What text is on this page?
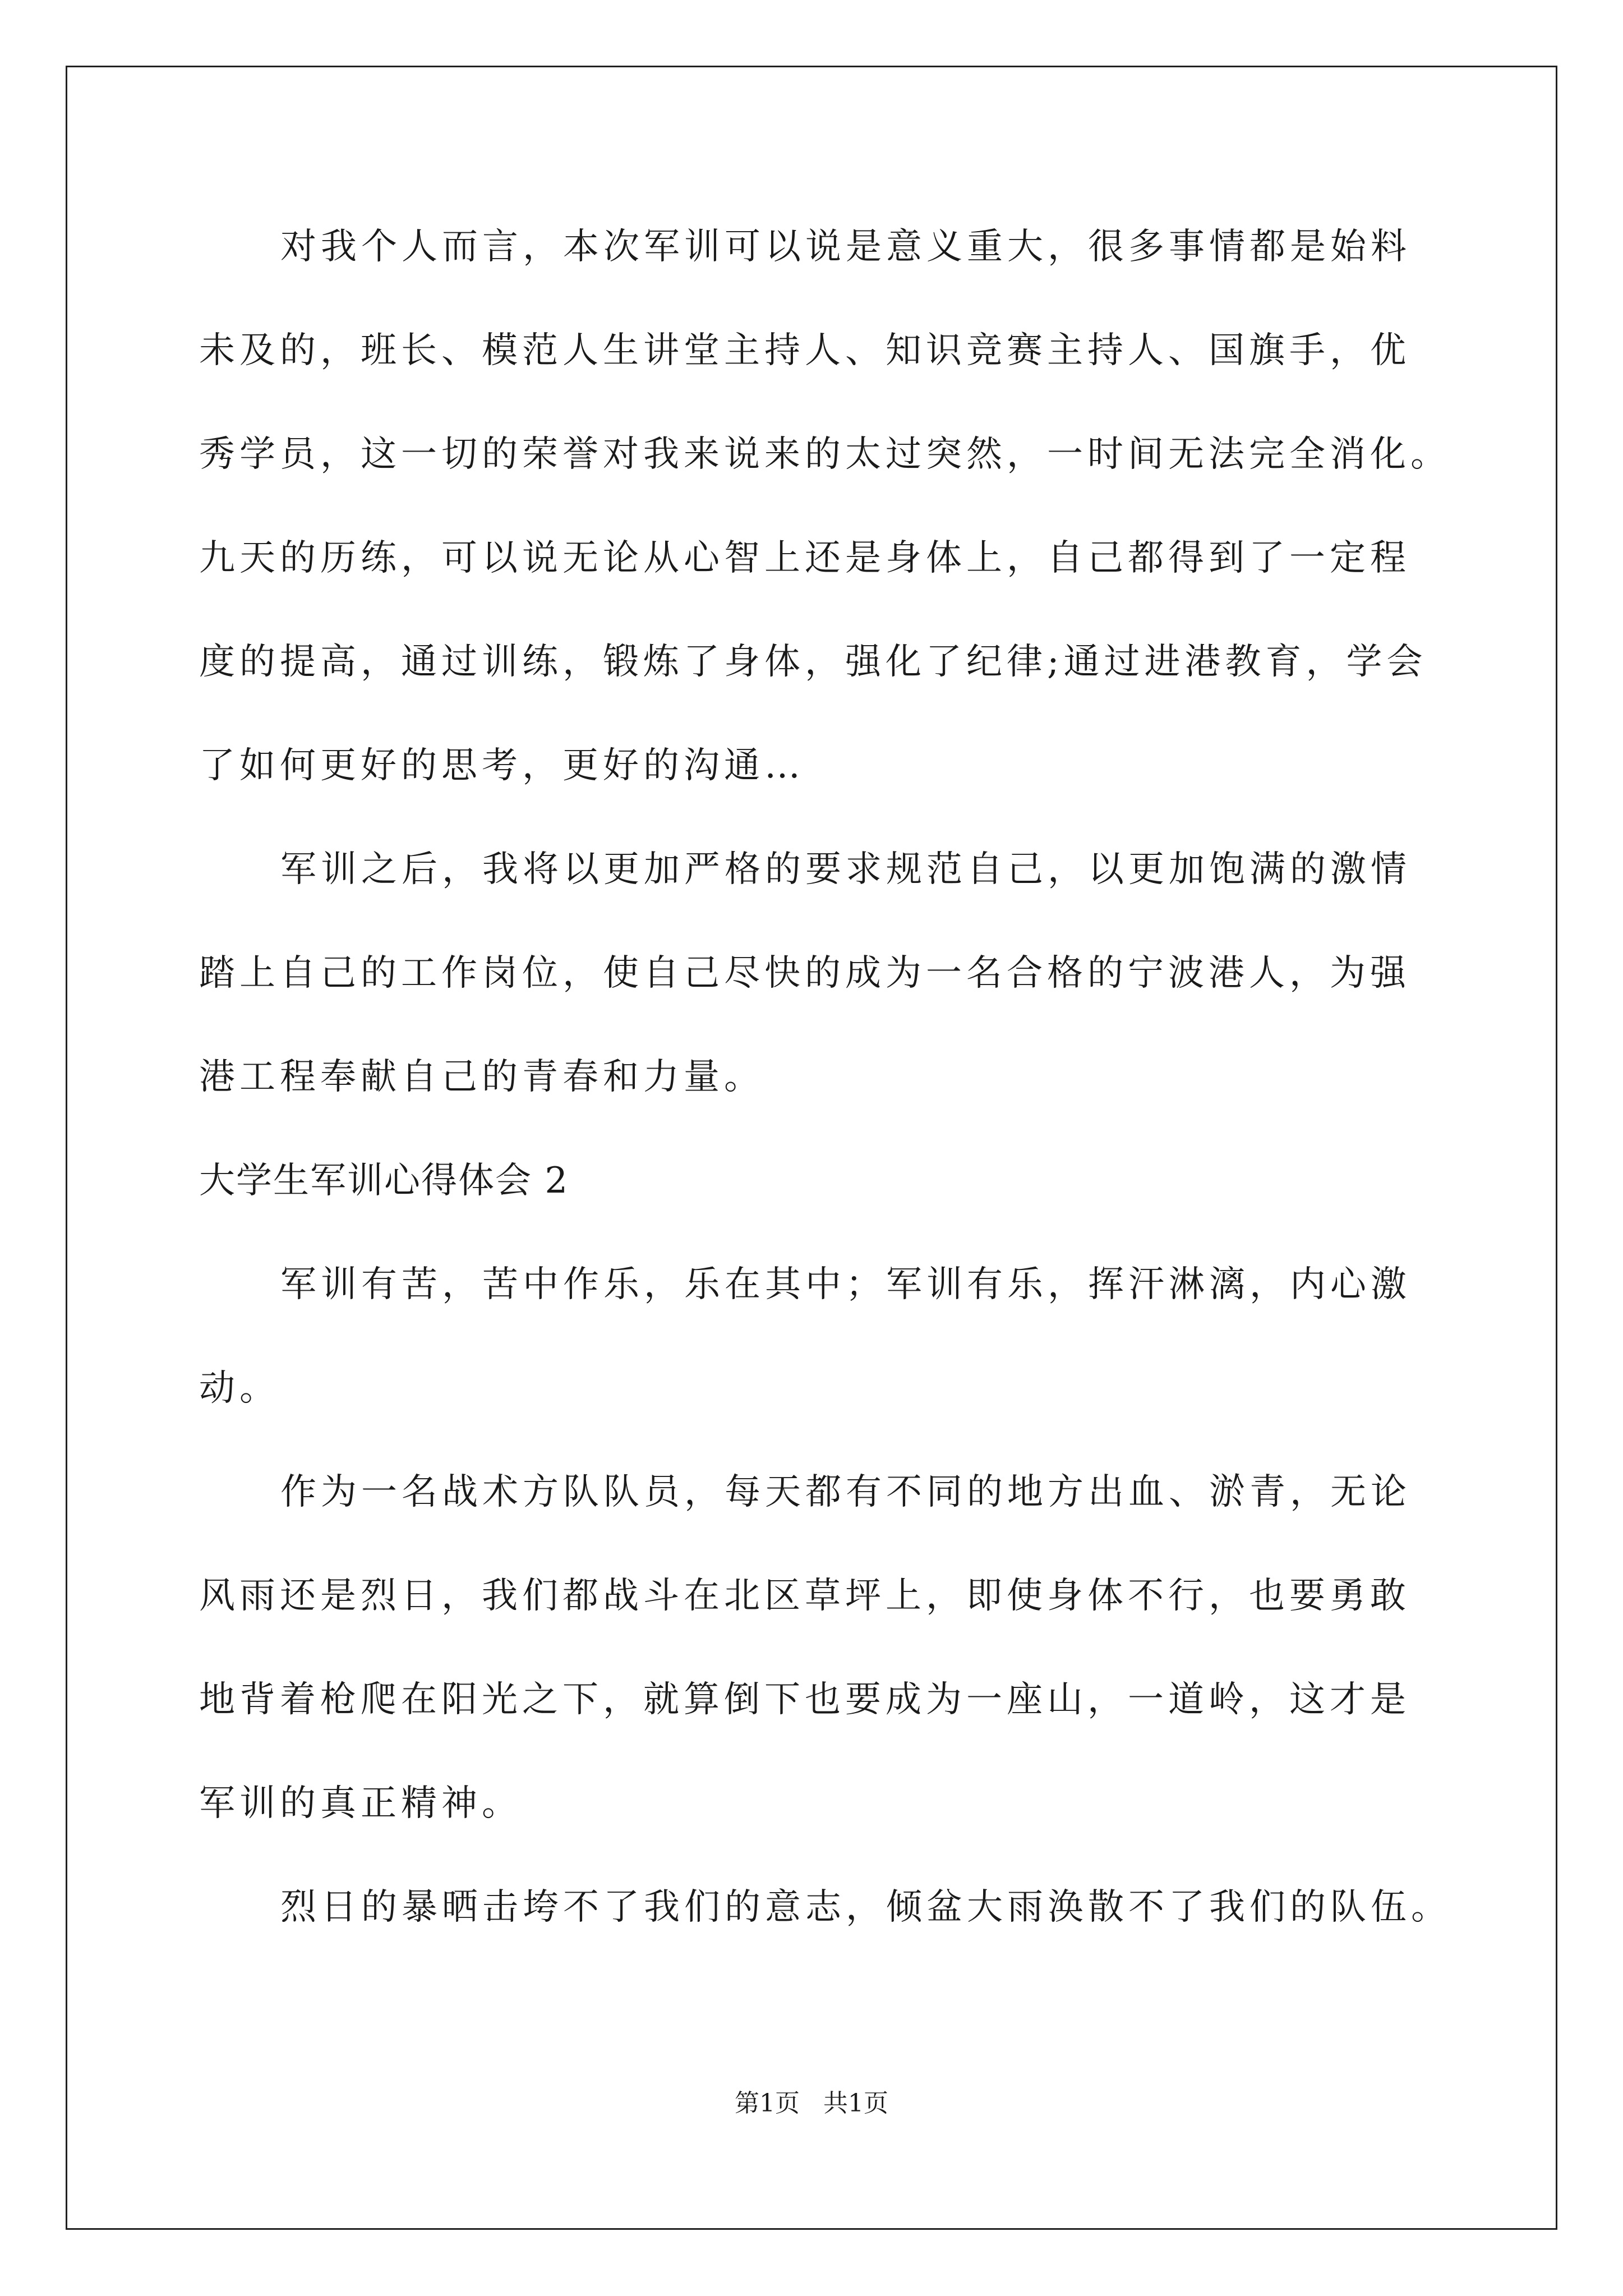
对我个人而言，本次军训可以说是意义重大，很多事情都是始料
未及的，班长、模范人生讲堂主持人、知识竞赛主持人、国旗手，优
秀学员，这一切的荣誉对我来说来的太过突然，一时间无法完全消化。
九天的历练，可以说无论从心智上还是身体上，自己都得到了一定程
度的提高，通过训练，锻炼了身体，强化了纪律;通过进港教育，学会
了如何更好的思考，更好的沟通…
军训之后，我将以更加严格的要求规范自己，以更加饱满的激情
踏上自己的工作岗位，使自己尽快的成为一名合格的宁波港人，为强
港工程奉献自己的青春和力量。
大学生军训心得体会 2
军训有苦，苦中作乐，乐在其中；军训有乐，挥汗淋漓，内心激
动。
作为一名战术方队队员，每天都有不同的地方出血、淤青，无论
风雨还是烈日，我们都战斗在北区草坪上，即使身体不行，也要勇敢
地背着枪爬在阳光之下，就算倒下也要成为一座山，一道岭，这才是
军训的真正精神。
烈日的暴晒击垮不了我们的意志，倾盆大雨涣散不了我们的队伍。
第1页   共1页
